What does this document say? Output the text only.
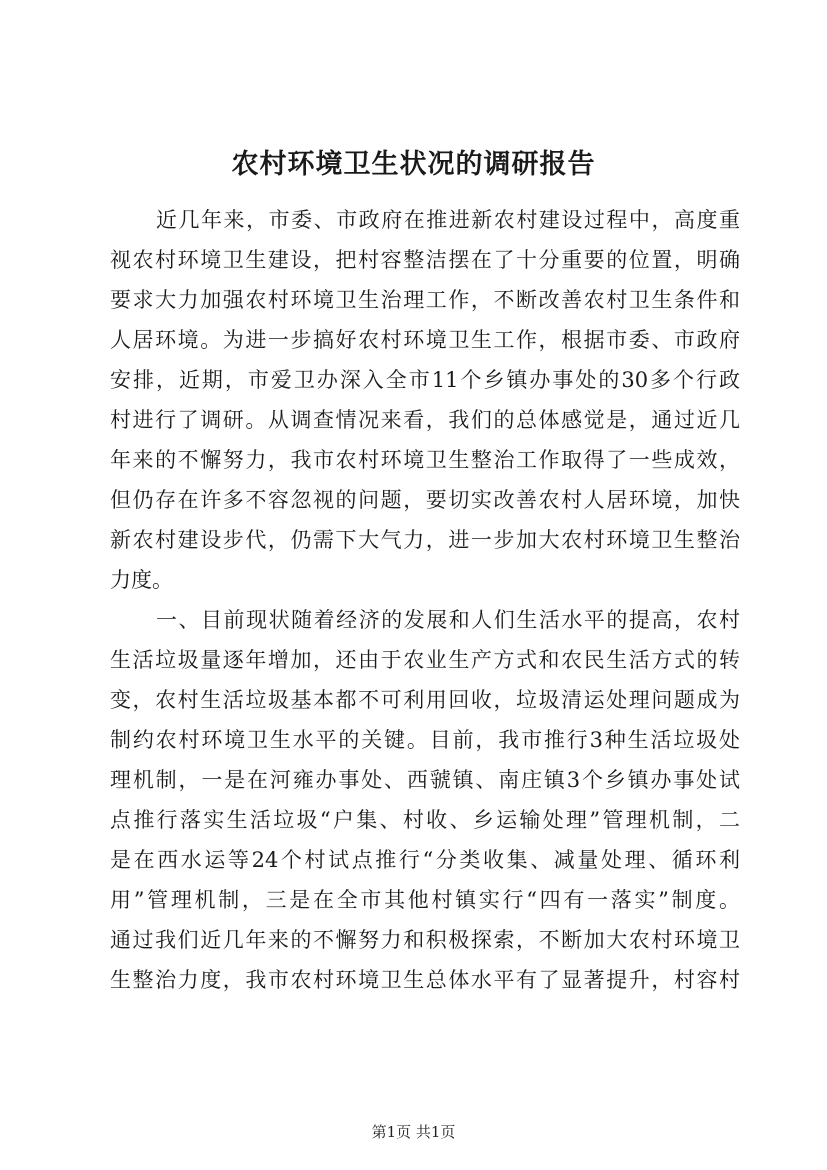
农村环境卫生状况的调研报告
近几年来，市委、市政府在推进新农村建设过程中，高度重
视农村环境卫生建设，把村容整洁摆在了十分重要的位置，明确
要求大力加强农村环境卫生治理工作，不断改善农村卫生条件和
人居环境。为进一步搞好农村环境卫生工作，根据市委、市政府
安排，近期，市爱卫办深入全市11个乡镇办事处的30多个行政
村进行了调研。从调查情况来看，我们的总体感觉是，通过近几
年来的不懈努力，我市农村环境卫生整治工作取得了一些成效，
但仍存在许多不容忽视的问题，要切实改善农村人居环境，加快
新农村建设步代，仍需下大气力，进一步加大农村环境卫生整治
力度。
一、目前现状随着经济的发展和人们生活水平的提高，农村
生活垃圾量逐年增加，还由于农业生产方式和农民生活方式的转
变，农村生活垃圾基本都不可利用回收，垃圾清运处理问题成为
制约农村环境卫生水平的关键。目前，我市推行3种生活垃圾处
理机制，一是在河雍办事处、西虢镇、南庄镇3个乡镇办事处试
点推行落实生活垃圾“户集、村收、乡运输处理”管理机制，二
是在西水运等24个村试点推行“分类收集、减量处理、循环利
用”管理机制，三是在全市其他村镇实行“四有一落实”制度。
通过我们近几年来的不懈努力和积极探索，不断加大农村环境卫
生整治力度，我市农村环境卫生总体水平有了显著提升，村容村
第1页 共1页
